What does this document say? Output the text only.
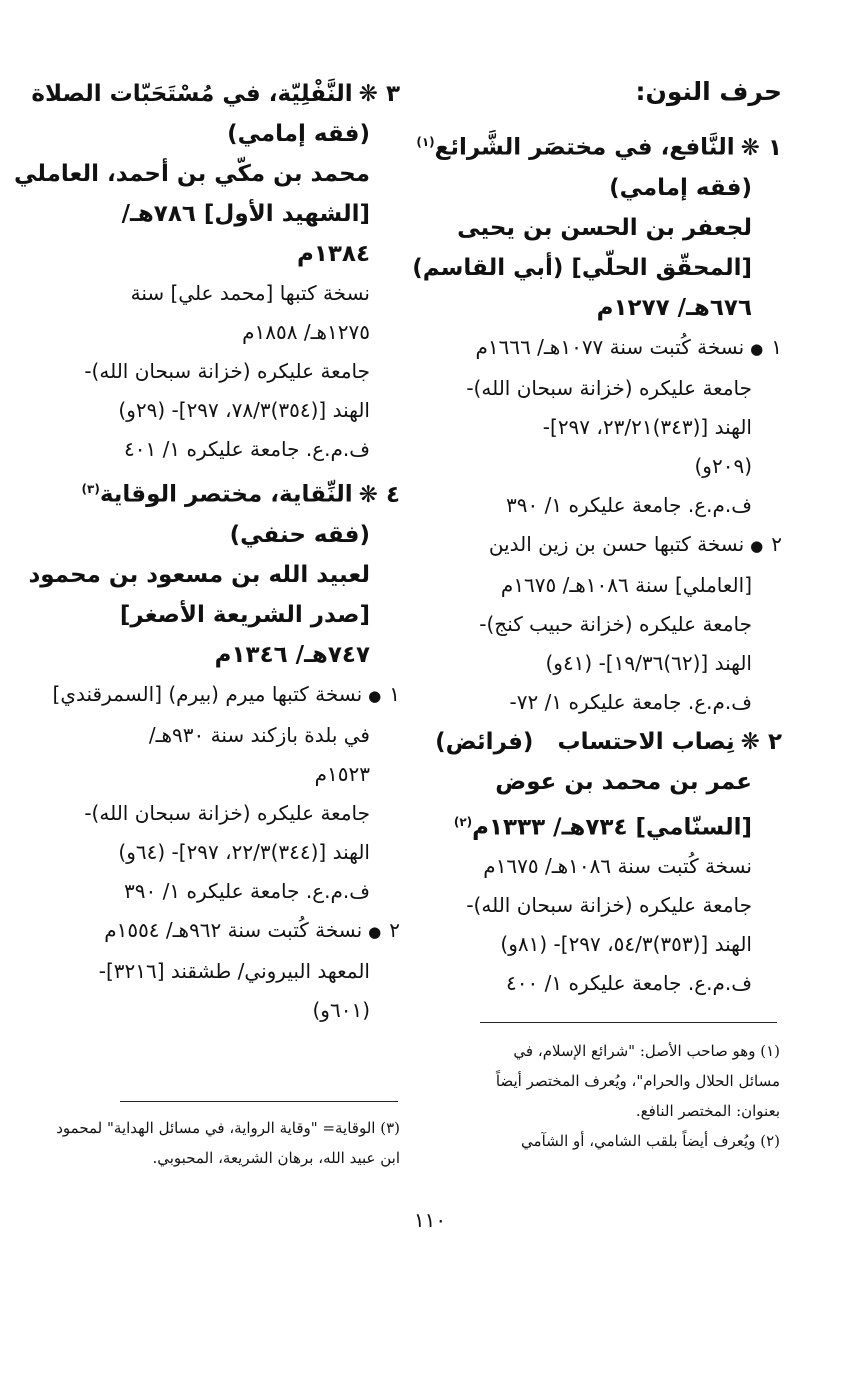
حرف النون:
١❋النَّافع، في مختصَر الشَّرائع$^{(١)}$
(فقه إمامي)
لجعفر بن الحسن بن يحيى
[المحقّق الحلّي] (أبي القاسم)
٦٧٦هـ/ ١٢٧٧م
١●نسخة كُتبت سنة ١٠٧٧هـ/ ١٦٦٦م
جامعة عليكره (خزانة سبحان الله)-
الهند [(٣٤٣)٢٣/٢١، ٢٩٧]-
(٢٠٩و)
ف.م.ع. جامعة عليكره ١/ ٣٩٠
٢●نسخة كتبها حسن بن زين الدين
[العاملي] سنة ١٠٨٦هـ/ ١٦٧٥م
جامعة عليكره (خزانة حبيب كنج)-
الهند [(٦٢)١٩/٣٦]- (٤١و)
ف.م.ع. جامعة عليكره ١/ ٧٢-
٢❋نِصاب الاحتساب   (فرائض)
عمر بن محمد بن عوض
[السنّامي] ٧٣٤هـ/ ١٣٣٣م$^{(٢)}$
نسخة كُتبت سنة ١٠٨٦هـ/ ١٦٧٥م
جامعة عليكره (خزانة سبحان الله)-
الهند [(٣٥٣)٥٤/٣، ٢٩٧]- (٨١و)
ف.م.ع. جامعة عليكره ١/ ٤٠٠
٣❋النَّفْلِيّة، في مُسْتَحَبّات الصلاة
(فقه إمامي)
محمد بن مكّي بن أحمد، العاملي
[الشهيد الأول] ٧٨٦هـ/
١٣٨٤م
نسخة كتبها [محمد علي] سنة
١٢٧٥هـ/ ١٨٥٨م
جامعة عليكره (خزانة سبحان الله)-
الهند [(٣٥٤)٧٨/٣، ٢٩٧]- (٢٩و)
ف.م.ع. جامعة عليكره ١/ ٤٠١
٤❋النِّقاية، مختصر الوقاية$^{(٣)}$
(فقه حنفي)
لعبيد الله بن مسعود بن محمود
[صدر الشريعة الأصغر]
٧٤٧هـ/ ١٣٤٦م
١●نسخة كتبها ميرم (بيرم) [السمرقندي]
في بلدة بازكند سنة ٩٣٠هـ/
١٥٢٣م
جامعة عليكره (خزانة سبحان الله)-
الهند [(٣٤٤)٢٢/٣، ٢٩٧]- (٦٤و)
ف.م.ع. جامعة عليكره ١/ ٣٩٠
٢●نسخة كُتبت سنة ٩٦٢هـ/ ١٥٥٤م
المعهد البيروني/ طشقند [٣٢١٦]-
(٦٠١و)
(١) وهو صاحب الأصل: "شرائع الإسلام، في
مسائل الحلال والحرام"، ويُعرف المختصر أيضاً
بعنوان: المختصر النافع.
(٢) ويُعرف أيضاً بلقب الشامي، أو الشآمي
(٣) الوقاية= "وقاية الرواية، في مسائل الهداية" لمحمود
ابن عبيد الله، برهان الشريعة، المحبوبي.
١١٠
